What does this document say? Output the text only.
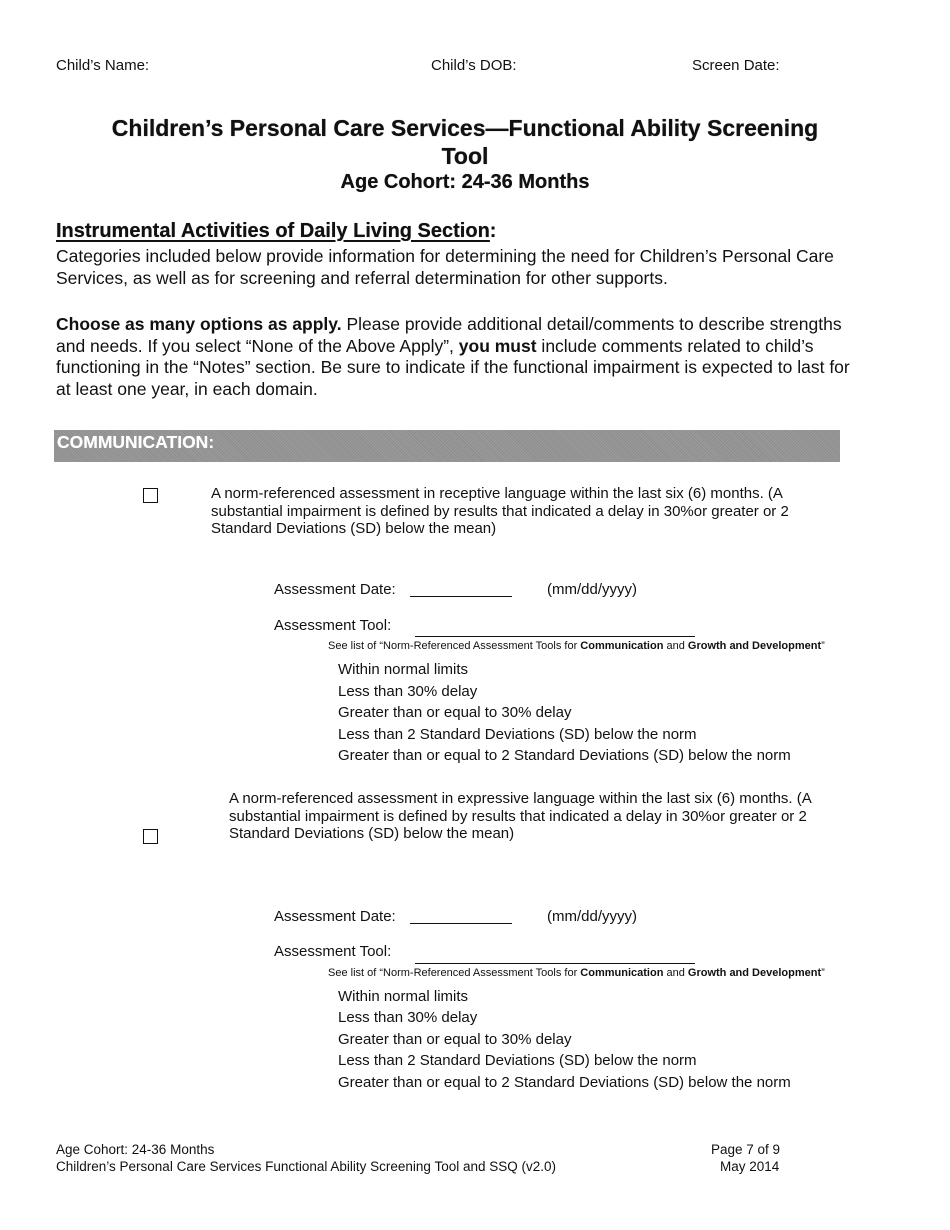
Child’s Name:	Child’s DOB:	Screen Date:
Children’s Personal Care Services—Functional Ability Screening
Tool
Age Cohort: 24-36 Months
Instrumental Activities of Daily Living Section:
Categories included below provide information for determining the need for Children’s Personal Care Services, as well as for screening and referral determination for other supports.
Choose as many options as apply. Please provide additional detail/comments to describe strengths and needs. If you select “None of the Above Apply”, you must include comments related to child’s functioning in the “Notes” section. Be sure to indicate if the functional impairment is expected to last for at least one year, in each domain.
COMMUNICATION:
A norm-referenced assessment in receptive language within the last six (6) months. (A substantial impairment is defined by results that indicated a delay in 30%or greater or 2 Standard Deviations (SD) below the mean)
Assessment Date:	(mm/dd/yyyy)
Assessment Tool:
See list of “Norm-Referenced Assessment Tools for Communication and Growth and Development”
Within normal limits
Less than 30% delay
Greater than or equal to 30% delay
Less than 2 Standard Deviations (SD) below the norm
Greater than or equal to 2 Standard Deviations (SD) below the norm
A norm-referenced assessment in expressive language within the last six (6) months. (A substantial impairment is defined by results that indicated a delay in 30%or greater or 2 Standard Deviations (SD) below the mean)
Assessment Date:	(mm/dd/yyyy)
Assessment Tool:
See list of “Norm-Referenced Assessment Tools for Communication and Growth and Development”
Within normal limits
Less than 30% delay
Greater than or equal to 30% delay
Less than 2 Standard Deviations (SD) below the norm
Greater than or equal to 2 Standard Deviations (SD) below the norm
Age Cohort: 24-36 Months
Children’s Personal Care Services Functional Ability Screening Tool and SSQ (v2.0)
Page 7 of 9
May 2014
